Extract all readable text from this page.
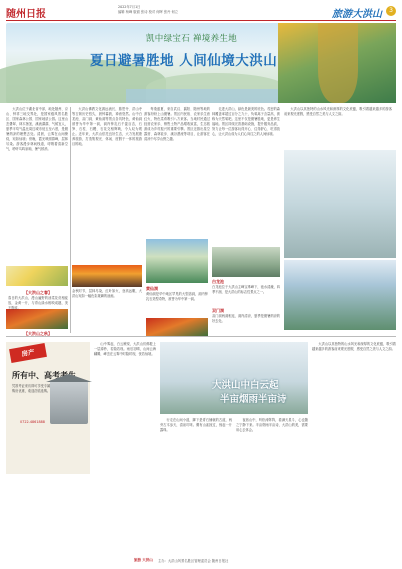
随州日报
2022年7月1日
编辑 杨峰 版面 张诗 校对 何晖 张丹 何立	旅游大洪山	3
凯中绿宝石 禅境养生地
夏日避暑胜地 人间仙境大洪山

大洪山位于湖北省中部，地处随州、京山、钟祥三地交界处，是国家级风景名胜区、国家森林公园、国家地质公园。这里山峦叠翠，林木葱茏，溪流潺潺，气候宜人，夏季平均气温比周边城市低五至六度，是避暑纳凉的理想去处。清晨，云雾在山间缭绕，宛如仙境；傍晚，霞光映照群峰，层林尽染。游客漫步林间栈道，呼吸着清新空气，聆听鸟鸣泉响，暑气顿消。

【大洪山之春】
春日的大洪山，漫山遍野的油菜花竞相绽放，金黄一片，与青山绿水相映成趣，美不胜收。
【大洪山之秋】

大洪山佛教文化源远流长，慈恩寺、洪山寺等古刹历史悠久，晨钟暮鼓，禅意悠然。山中白龙池、双门洞、黄仙洞等景点各具特色，黄仙洞被誉为华中第一洞，洞内钟乳石千姿百态，石笋、石柱、石幔、石花交相辉映，令人叹为观止。近年来，大洪山依托良好生态，大力发展康养旅游，打造集观光、休闲、度假于一体的旅游目的地。

金秋时节，层林尽染，红叶如火，登高远眺，大洪山宛如一幅色彩斑斓的油画。

每逢盛夏，来自武汉、襄阳、随州等地的游客纷纷上山避暑。景区内民宿、农家乐生意红火，特色菜肴吸引八方来客。当地村民通过经营农家乐、销售土特产品增收致富，生态旅游成为乡村振兴的重要引擎。景区还推出星空露营、森林徒步、溪谷漂流等项目，让游客在清凉中尽享山野之趣。

黄仙洞
黄仙洞是华中地区罕见的大型溶洞，洞内钟乳石造型奇特，被誉为华中第一洞。

走进大洪山，绿色是最美的底色。茂密的森林覆盖率超过百分之九十，负氧离子含量高，被称为天然氧吧。这里不仅是避暑胜地，更是养生福地。景区持续完善基础设施，提升服务品质，努力让每一位游客玩得开心、住得舒心、吃得放心，让大洪山成为人们心向往之的人间仙境。

白龙池
白龙池位于大洪山主峰宝珠峰下，池水清澈，四季不涸，是大洪山的标志性景点之一。
双门洞
双门洞两洞相连，洞内清凉，夏季是避暑纳凉的好去处。

大洪山以其独特的山水风光和深厚的文化底蕴，吸引着越来越多的游客前来观光度假，感受自然之美与人文之韵。

房产
所有中、高考考生
凭准考证来访即可享受专属购房优惠，欢迎莅临选购。
0722-4861888

山中雾起，白云缭绕，大洪山仿佛披上一层薄纱，若隐若现。雨后初晴，山间云海翻腾，峰峦在云雾中时隐时现，恍若仙境。

大洪山中白云起
半亩烟雨半亩诗

行走在山间小道，脚下是青石铺就的古道，两旁古木参天，清泉叮咚。偶有山雀掠过，惊起一片露珠。

夜宿山中，听松涛阵阵，看满天星斗，心也随之宁静下来。半亩烟雨半亩诗，大洪山的美，需要用心去体会。

大洪山以其独特的山水风光和深厚的文化底蕴，吸引着越来越多的游客前来观光度假，感受自然之美与人文之韵。

旅游 大洪山 主办：大洪山风景名胜区管理委员会 随州日报社
